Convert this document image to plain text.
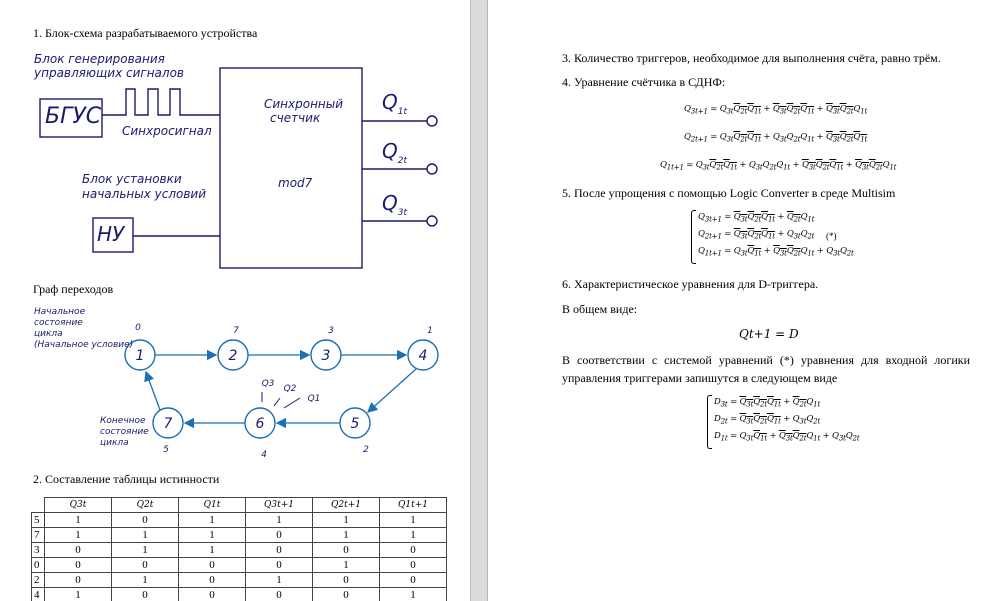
1. Блок-схема разрабатываемого устройства
Блок генерирования
управляющих сигналов
БГУС
Синхросигнал
Синхронный
счетчик
mod7
Блок установки
начальных условий
НУ
$Q_{1t}$
$Q_{2t}$
$Q_{3t}$
Граф переходов
1	2	3	4
5
6
7
0	7	3	1
2
4
5
Q3 Q2
Q1
Начальное
состояние
цикла
(Начальное условие)
Конечное
состояние
цикла
2. Составление таблицы истинности
	Q3t	Q2t	Q1t	Q3t+1	Q2t+1	Q1t+1
5	1	0	1	1	1	1
7	1	1	1	0	1	1
3	0	1	1	0	0	0
0	0	0	0	0	1	0
2	0	1	0	1	0	0
4	1	0	0	0	0	1
3. Количество триггеров, необходимое для выполнения счёта, равно трём.
4. Уравнение счётчика в СДНФ:
$Q_{3t+1} = Q_{3t}Q_{2t}Q_{1t} + Q_{3t}Q_{2t}Q_{1t} + Q_{3t}Q_{2t}Q_{1t}$
$Q_{2t+1} = Q_{3t}Q_{2t}Q_{1t} + Q_{3t}Q_{2t}Q_{1t} + Q_{3t}Q_{2t}Q_{1t}$
$Q_{1t+1} = Q_{3t}Q_{2t}Q_{1t} + Q_{3t}Q_{2t}Q_{1t} + Q_{3t}Q_{2t}Q_{1t} + Q_{3t}Q_{2t}Q_{1t}$
5. После упрощения с помощью Logic Converter в среде Multisim
$Q_{3t+1} = Q_{3t}Q_{2t}Q_{1t} + Q_{2t}Q_{1t}$
$Q_{2t+1} = Q_{3t}Q_{2t}Q_{1t} + Q_{3t}Q_{2t}$
$Q_{1t+1} = Q_{3t}Q_{1t} + Q_{3t}Q_{2t}Q_{1t} + Q_{3t}Q_{2t}$
(*)
6. Характеристическое уравнения для D-триггера.
В общем виде:
Qt+1 = D
В соответствии с системой уравнений (*) уравнения для входной логики управления триггерами запишутся в следующем виде
$D_{3t} = Q_{3t}Q_{2t}Q_{1t} + Q_{2t}Q_{1t}$
$D_{2t} = Q_{3t}Q_{2t}Q_{1t} + Q_{3t}Q_{2t}$
$D_{1t} = Q_{3t}Q_{1t} + Q_{3t}Q_{2t}Q_{1t} + Q_{3t}Q_{2t}$
